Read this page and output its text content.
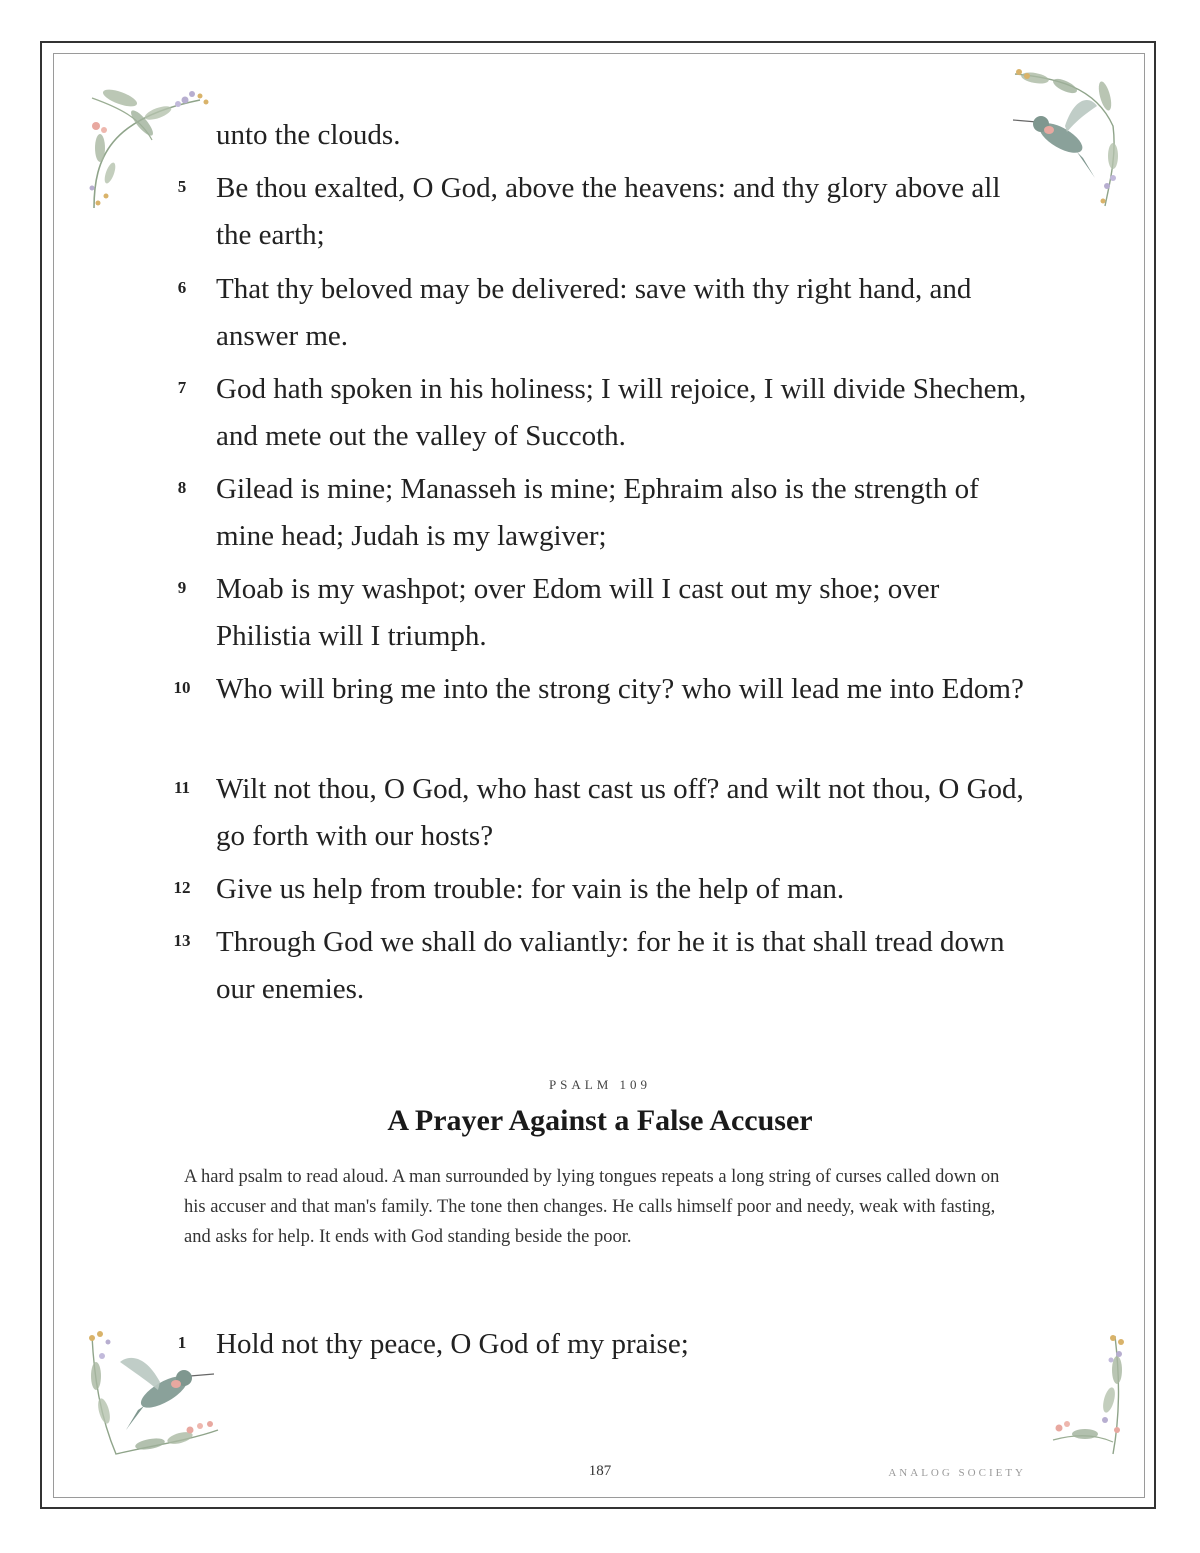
unto the clouds.
5	Be thou exalted, O God, above the heavens: and thy glory above all the earth;
6	That thy beloved may be delivered: save with thy right hand, and answer me.
7	God hath spoken in his holiness; I will rejoice, I will divide Shechem, and mete out the valley of Succoth.
8	Gilead is mine; Manasseh is mine; Ephraim also is the strength of mine head; Judah is my lawgiver;
9	Moab is my washpot; over Edom will I cast out my shoe; over Philistia will I triumph.
10 Who will bring me into the strong city? who will lead me into Edom?
11 Wilt not thou, O God, who hast cast us off? and wilt not thou, O God, go forth with our hosts?
12 Give us help from trouble: for vain is the help of man.
13 Through God we shall do valiantly: for he it is that shall tread down our enemies.
PSALM 109
A Prayer Against a False Accuser
A hard psalm to read aloud. A man surrounded by lying tongues repeats a long string of curses called down on his accuser and that man's family. The tone then changes. He calls himself poor and needy, weak with fasting, and asks for help. It ends with God standing beside the poor.
1	Hold not thy peace, O God of my praise;
187	ANALOG SOCIETY
